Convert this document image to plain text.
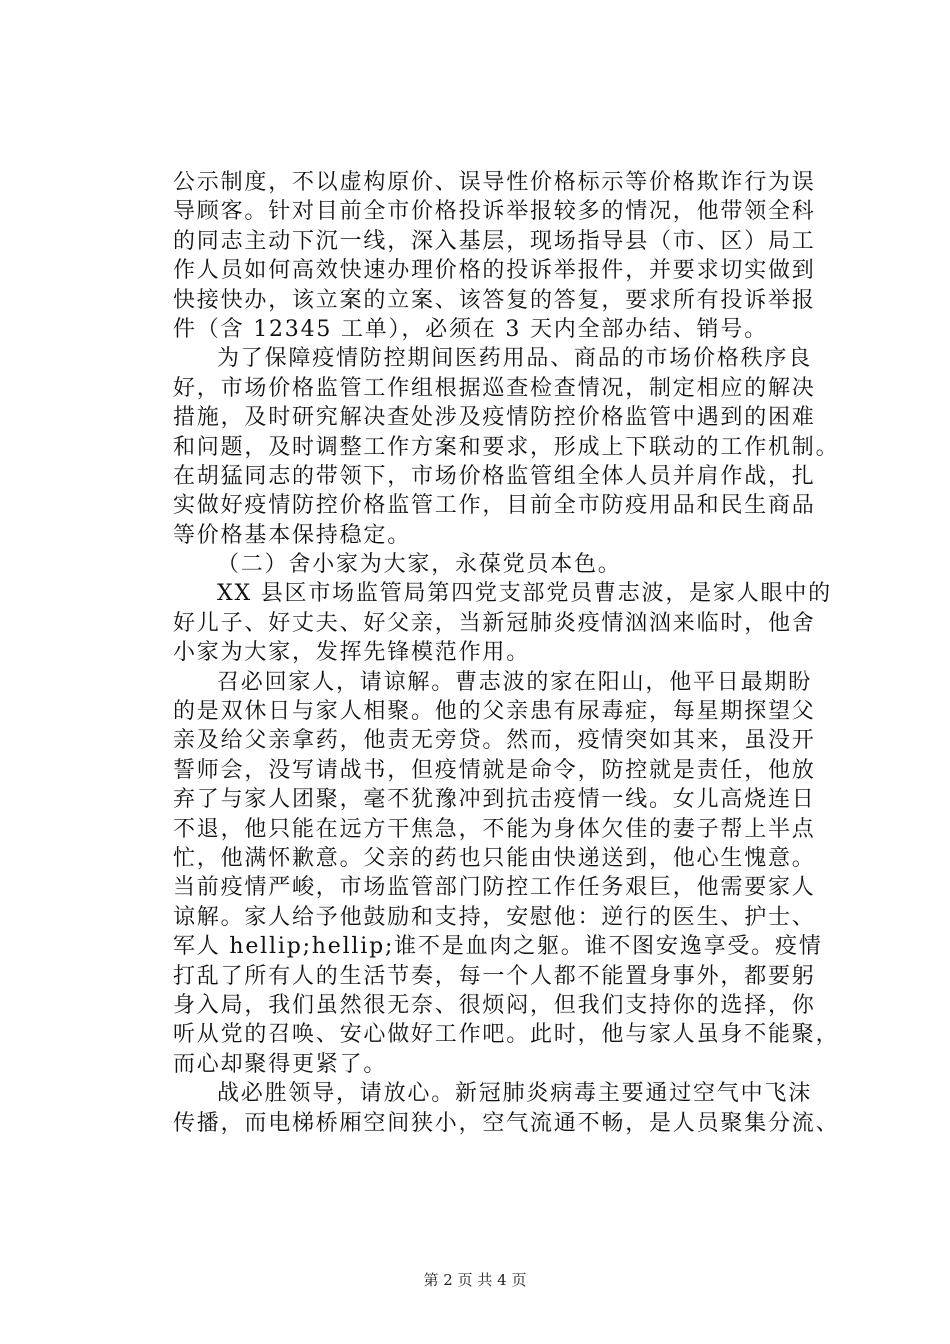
公示制度，不以虚构原价、误导性价格标示等价格欺诈行为误
导顾客。针对目前全市价格投诉举报较多的情况，他带领全科
的同志主动下沉一线，深入基层，现场指导县（市、区）局工
作人员如何高效快速办理价格的投诉举报件，并要求切实做到
快接快办，该立案的立案、该答复的答复，要求所有投诉举报
件（含 12345 工单），必须在 3 天内全部办结、销号。
为了保障疫情防控期间医药用品、商品的市场价格秩序良
好，市场价格监管工作组根据巡查检查情况，制定相应的解决
措施，及时研究解决查处涉及疫情防控价格监管中遇到的困难
和问题，及时调整工作方案和要求，形成上下联动的工作机制。
在胡猛同志的带领下，市场价格监管组全体人员并肩作战，扎
实做好疫情防控价格监管工作，目前全市防疫用品和民生商品
等价格基本保持稳定。
（二）舍小家为大家，永葆党员本色。
XX 县区市场监管局第四党支部党员曹志波，是家人眼中的
好儿子、好丈夫、好父亲，当新冠肺炎疫情汹汹来临时，他舍
小家为大家，发挥先锋模范作用。
召必回家人，请谅解。曹志波的家在阳山，他平日最期盼
的是双休日与家人相聚。他的父亲患有尿毒症，每星期探望父
亲及给父亲拿药，他责无旁贷。然而，疫情突如其来，虽没开
誓师会，没写请战书，但疫情就是命令，防控就是责任，他放
弃了与家人团聚，毫不犹豫冲到抗击疫情一线。女儿高烧连日
不退，他只能在远方干焦急，不能为身体欠佳的妻子帮上半点
忙，他满怀歉意。父亲的药也只能由快递送到，他心生愧意。
当前疫情严峻，市场监管部门防控工作任务艰巨，他需要家人
谅解。家人给予他鼓励和支持，安慰他：逆行的医生、护士、
军人 hellip;hellip;谁不是血肉之躯。谁不图安逸享受。疫情
打乱了所有人的生活节奏，每一个人都不能置身事外，都要躬
身入局，我们虽然很无奈、很烦闷，但我们支持你的选择，你
听从党的召唤、安心做好工作吧。此时，他与家人虽身不能聚，
而心却聚得更紧了。
战必胜领导，请放心。新冠肺炎病毒主要通过空气中飞沫
传播，而电梯桥厢空间狭小，空气流通不畅，是人员聚集分流、
第 2 页 共 4 页
